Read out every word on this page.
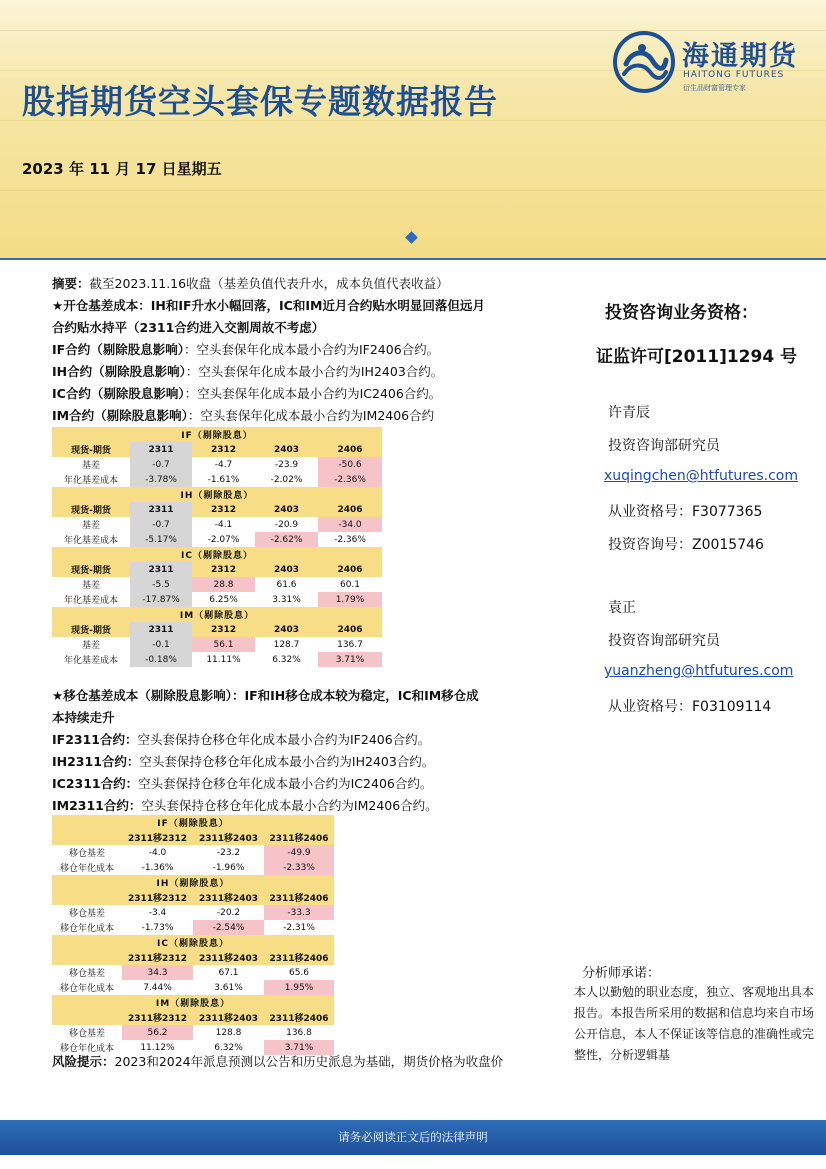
股指期货空头套保专题数据报告
2023 年 11 月 17 日星期五
海通期货
HAITONG FUTURES
衍生品财富管理专家
摘要：截至2023.11.16收盘（基差负值代表升水，成本负值代表收益）
★开仓基差成本：IH和IF升水小幅回落，IC和IM近月合约贴水明显回落但远月
合约贴水持平（2311合约进入交割周故不考虑）
IF合约（剔除股息影响）：空头套保年化成本最小合约为IF2406合约。
IH合约（剔除股息影响）：空头套保年化成本最小合约为IH2403合约。
IC合约（剔除股息影响）：空头套保年化成本最小合约为IC2406合约。
IM合约（剔除股息影响）：空头套保年化成本最小合约为IM2406合约
IF（剔除股息）				
现货-期货	2311	2312	2403	2406
基差	-0.7	-4.7	-23.9	-50.6
年化基差成本	-3.78%	-1.61%	-2.02%	-2.36%
IH（剔除股息）				
现货-期货	2311	2312	2403	2406
基差	-0.7	-4.1	-20.9	-34.0
年化基差成本	-5.17%	-2.07%	-2.62%	-2.36%
IC（剔除股息）				
现货-期货	2311	2312	2403	2406
基差	-5.5	28.8	61.6	60.1
年化基差成本	-17.87%	6.25%	3.31%	1.79%
IM（剔除股息）				
现货-期货	2311	2312	2403	2406
基差	-0.1	56.1	128.7	136.7
年化基差成本	-0.18%	11.11%	6.32%	3.71%
★移仓基差成本（剔除股息影响）：IF和IH移仓成本较为稳定，IC和IM移仓成
本持续走升
IF2311合约：空头套保持仓移仓年化成本最小合约为IF2406合约。
IH2311合约：空头套保持仓移仓年化成本最小合约为IH2403合约。
IC2311合约：空头套保持仓移仓年化成本最小合约为IC2406合约。
IM2311合约：空头套保持仓移仓年化成本最小合约为IM2406合约。
IF（剔除股息）			
	2311移2312	2311移2403	2311移2406
移仓基差	-4.0	-23.2	-49.9
移仓年化成本	-1.36%	-1.96%	-2.33%
IH（剔除股息）			
	2311移2312	2311移2403	2311移2406
移仓基差	-3.4	-20.2	-33.3
移仓年化成本	-1.73%	-2.54%	-2.31%
IC（剔除股息）			
	2311移2312	2311移2403	2311移2406
移仓基差	34.3	67.1	65.6
移仓年化成本	7.44%	3.61%	1.95%
IM（剔除股息）			
	2311移2312	2311移2403	2311移2406
移仓基差	56.2	128.8	136.8
移仓年化成本	11.12%	6.32%	3.71%
风险提示：2023和2024年派息预测以公告和历史派息为基础，期货价格为收盘价
投资咨询业务资格：
证监许可[2011]1294 号
许青辰
投资咨询部研究员
xuqingchen@htfutures.com
从业资格号：F3077365
投资咨询号：Z0015746
袁正
投资咨询部研究员
yuanzheng@htfutures.com
从业资格号：F03109114
分析师承诺：
本人以勤勉的职业态度，独立、客观地出具本报告。本报告所采用的数据和信息均来自市场公开信息，本人不保证该等信息的准确性或完整性，分析逻辑基
请务必阅读正文后的法律声明
